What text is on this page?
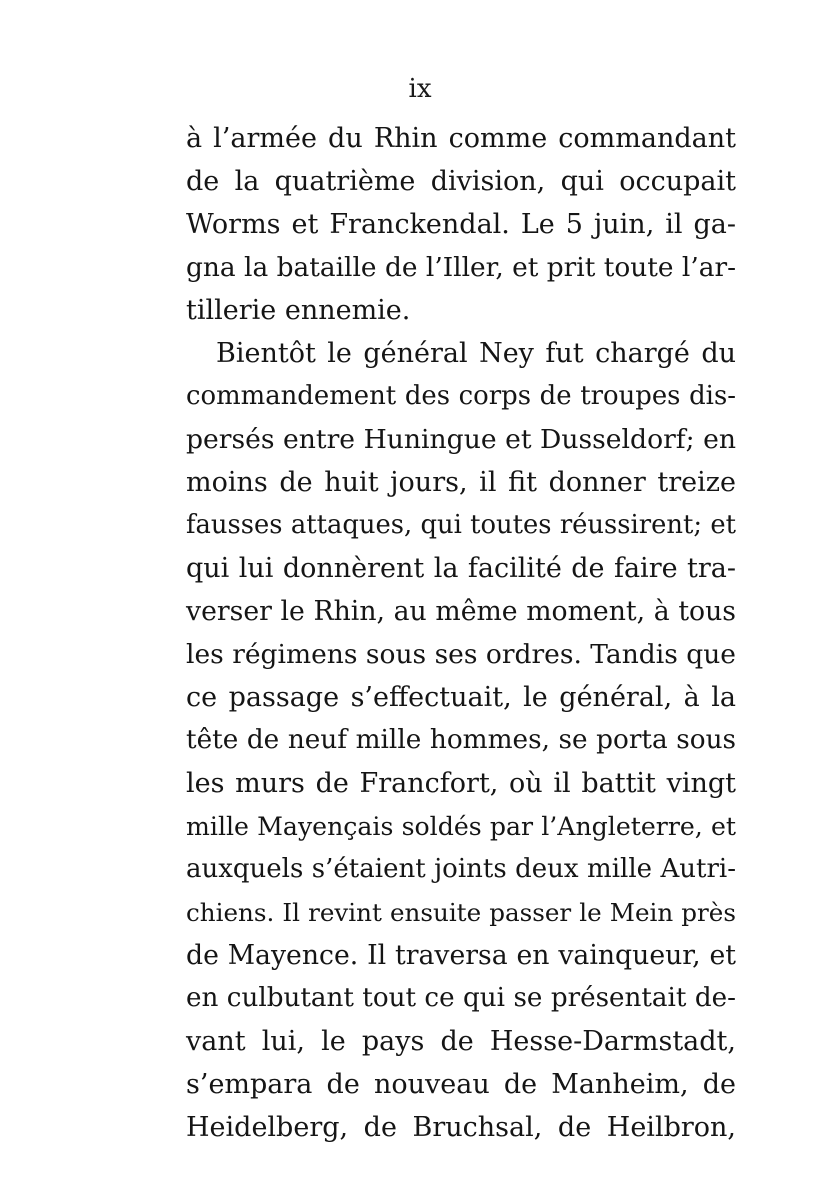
ix
à l’armée du Rhin comme commandant
de la quatrième division, qui occupait
Worms et Franckendal. Le 5 juin, il ga-
gna la bataille de l’Iller, et prit toute l’ar-
tillerie ennemie.
Bientôt le général Ney fut chargé du
commandement des corps de troupes dis-
persés entre Huningue et Dusseldorf; en
moins de huit jours, il fit donner treize
fausses attaques, qui toutes réussirent; et
qui lui donnèrent la facilité de faire tra-
verser le Rhin, au même moment, à tous
les régimens sous ses ordres. Tandis que
ce passage s’effectuait, le général, à la
tête de neuf mille hommes, se porta sous
les murs de Francfort, où il battit vingt
mille Mayençais soldés par l’Angleterre, et
auxquels s’étaient joints deux mille Autri-
chiens. Il revint ensuite passer le Mein près
de Mayence. Il traversa en vainqueur, et
en culbutant tout ce qui se présentait de-
vant lui, le pays de Hesse-Darmstadt,
s’empara de nouveau de Manheim, de
Heidelberg, de Bruchsal, de Heilbron,
